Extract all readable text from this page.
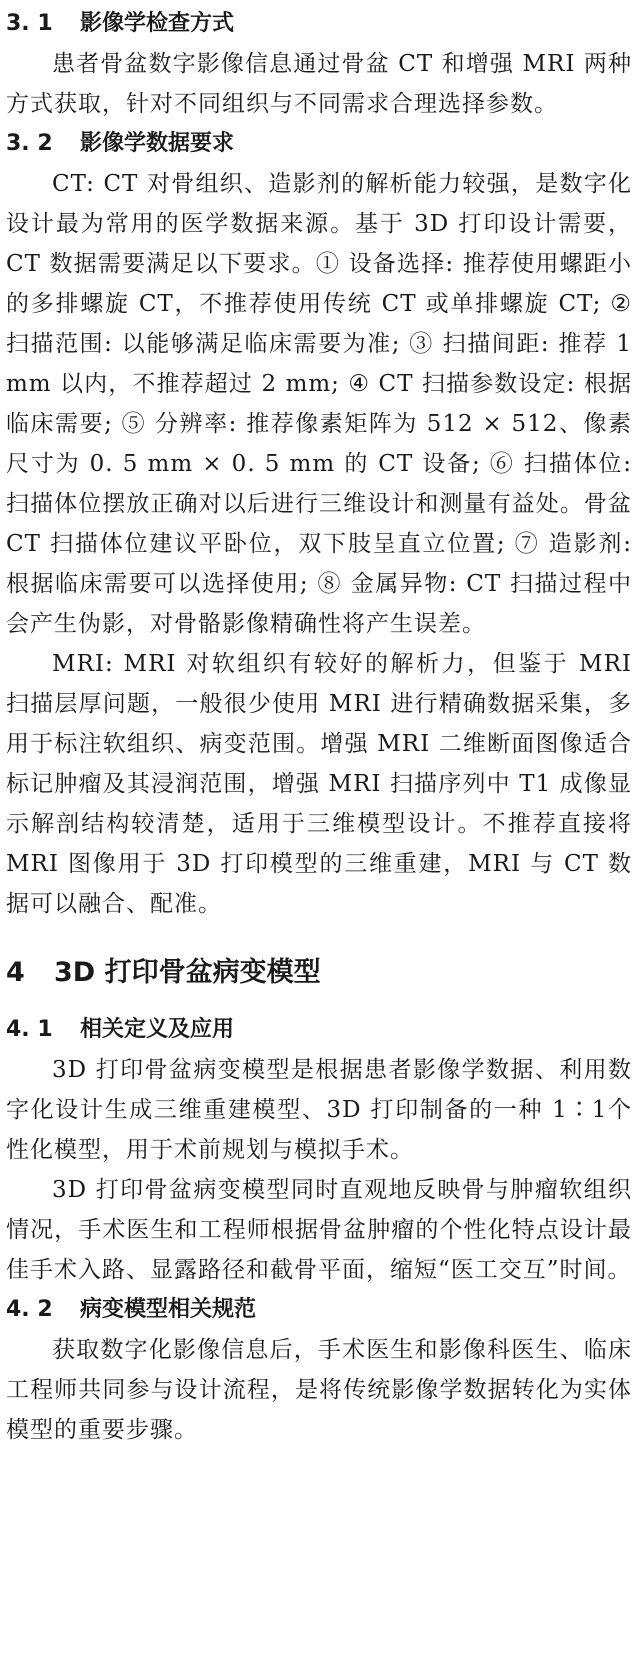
3. 1 影像学检查方式

患者骨盆数字影像信息通过骨盆 CT 和增强 MRI 两种方式获取，针对不同组织与不同需求合理选择参数。

3. 2 影像学数据要求

CT: CT 对骨组织、造影剂的解析能力较强，是数字化设计最为常用的医学数据来源。基于 3D 打印设计需要，CT 数据需要满足以下要求。① 设备选择: 推荐使用螺距小的多排螺旋 CT，不推荐使用传统 CT 或单排螺旋 CT; ② 扫描范围: 以能够满足临床需要为准; ③ 扫描间距: 推荐 1 mm 以内，不推荐超过 2 mm; ④ CT 扫描参数设定: 根据临床需要; ⑤ 分辨率: 推荐像素矩阵为 512 × 512、像素尺寸为 0. 5 mm × 0. 5 mm 的 CT 设备; ⑥ 扫描体位: 扫描体位摆放正确对以后进行三维设计和测量有益处。骨盆 CT 扫描体位建议平卧位，双下肢呈直立位置; ⑦ 造影剂: 根据临床需要可以选择使用; ⑧ 金属异物: CT 扫描过程中会产生伪影，对骨骼影像精确性将产生误差。

MRI: MRI 对软组织有较好的解析力，但鉴于 MRI 扫描层厚问题，一般很少使用 MRI 进行精确数据采集，多用于标注软组织、病变范围。增强 MRI 二维断面图像适合标记肿瘤及其浸润范围，增强 MRI 扫描序列中 T1 成像显示解剖结构较清楚，适用于三维模型设计。不推荐直接将 MRI 图像用于 3D 打印模型的三维重建，MRI 与 CT 数据可以融合、配准。

4 3D 打印骨盆病变模型
4. 1 相关定义及应用

3D 打印骨盆病变模型是根据患者影像学数据、利用数字化设计生成三维重建模型、3D 打印制备的一种 1∶1个性化模型，用于术前规划与模拟手术。

3D 打印骨盆病变模型同时直观地反映骨与肿瘤软组织情况，手术医生和工程师根据骨盆肿瘤的个性化特点设计最佳手术入路、显露路径和截骨平面，缩短“医工交互”时间。

4. 2 病变模型相关规范

获取数字化影像信息后，手术医生和影像科医生、临床工程师共同参与设计流程，是将传统影像学数据转化为实体模型的重要步骤。
